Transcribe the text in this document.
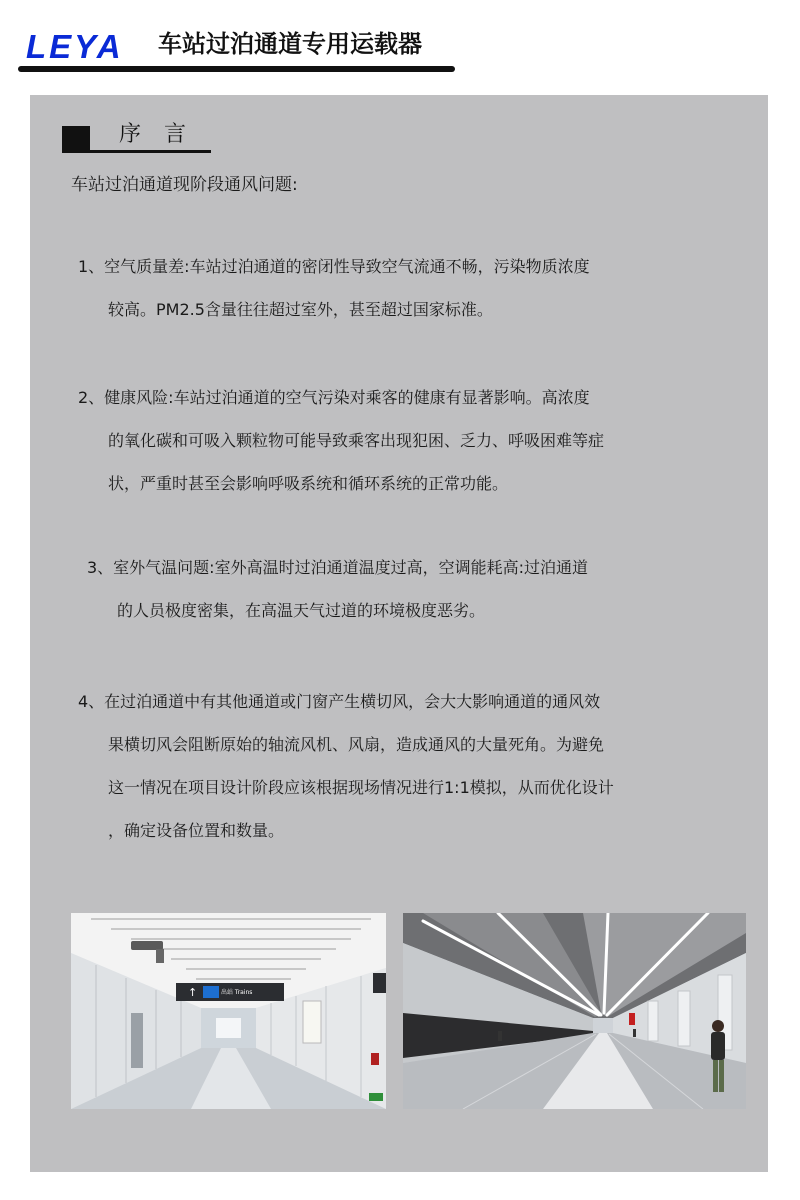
LEYA 车站过泊通道专用运载器
序 言
车站过泊通道现阶段通风问题:
1、空气质量差:车站过泊通道的密闭性导致空气流通不畅，污染物质浓度
较高。PM2.5含量往往超过室外，甚至超过国家标准。
2、健康风险:车站过泊通道的空气污染对乘客的健康有显著影响。高浓度
的氧化碳和可吸入颗粒物可能导致乘客出现犯困、乏力、呼吸困难等症
状，严重时甚至会影响呼吸系统和循环系统的正常功能。
3、室外气温问题:室外高温时过泊通道温度过高，空调能耗高:过泊通道
的人员极度密集，在高温天气过道的环境极度恶劣。
4、在过泊通道中有其他通道或门窗产生横切风，会大大影响通道的通风效
果横切风会阻断原始的轴流风机、风扇，造成通风的大量死角。为避免
这一情况在项目设计阶段应该根据现场情况进行1:1模拟，从而优化设计
，确定设备位置和数量。
↑	出站 Trains
